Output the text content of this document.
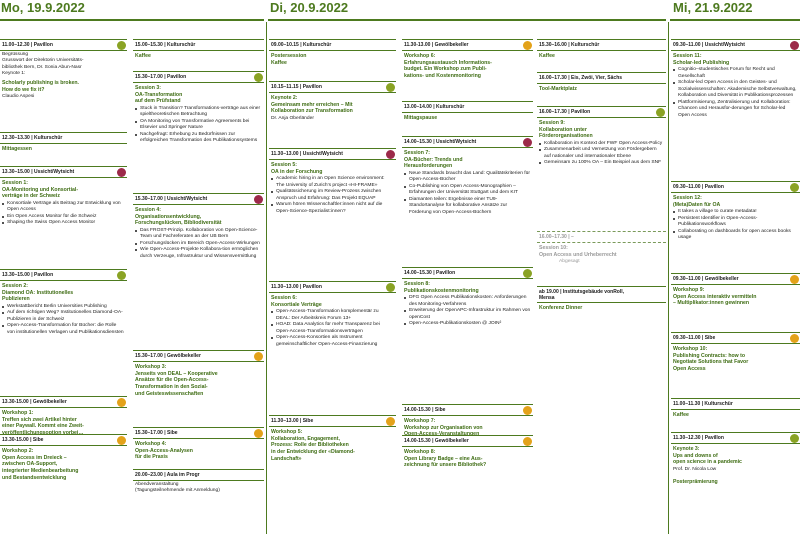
Mo, 19.9.2022	Di, 20.9.2022	Mi, 21.9.2022
11.00–12.30 | Pavillon
Begrüssung
Grusswort der Direktorin Universitäts-
bibliothek Bern, Dr. Sonia Abun-Nasr
Keynote 1:
Scholarly publishing is broken.
How do we fix it?
Claudio Aspesi
12.30–13.30 | Kulturschür
Mittagessen
13.30–15.00 | Ussicht/Wytsicht
Session 1:
OA-Monitoring und Konsortial-
verträge in der Schweiz
Konsortiale Verträge als Beitrag zur Entwicklung von Open Access
Ein Open Access Monitor für die Schweiz
Shaping the Swiss Open Access Monitor
13.30–15.00 | Pavillon
Session 2:
Diamond OA: Institutionelles
Publizieren
Werkstattbericht Berlin Universities Publishing
Auf dem richtigen Weg? Institutionelles Diamond-OA-Publizieren in der Schweiz
Open-Access-Transformation für Bücher: die Rolle von institutionellen Verlagen und Publikationsdiensten
13.30-15.00 | Gewölbekeller
Workshop 1:
Treffen sich zwei Artikel hinter
einer Paywall. Kommt eine Zweit-
veröffentlichungsoption vorbei…
13.30-15.00 | Sibe
Workshop 2:
Open Access im Dreieck –
zwischen OA-Support,
integrierter Medienbearbeitung
und Bestandsentwicklung
15.00–15.30 | Kulturschür
Kaffee
15.30–17.00 | Pavillon
Session 3:
OA-Transformation
auf dem Prüfstand
Stuck in Transition? Transformations-verträge aus einer spieltheoretischen Betrachtung
OA Monitoring von Transformative Agreements bei Elsevier und Springer Nature
Nachgefragt: Erhebung zu Bedürfnissen zur erfolgreichen Transformation des Publikationssystems
15.30–17.00 | Ussicht/Wytsicht
Session 4:
Organisationsentwicklung,
Forschungslücken, Bibliodiversität
Das FROST-Prinzip. Kollaboration von Open-Science-Team und Fachreferaten an der UB Bern
Forschungslücken im Bereich Open-Access-Wirkungen
Wie Open-Access-Projekte Kollabora-tion ermöglichen durch Verzeuge, Infrastruktur und Wissensvermittlung
15.30–17.00 | Gewölbekeller
Workshop 3:
Jenseits von DEAL – Kooperative
Ansätze für die Open-Access-
Transformation in den Sozial-
und Geisteswissenschaften
15.30–17.00 | Sibe
Workshop 4:
Open-Access-Analysen
für die Praxis
20.00–23.00 | Aula im Progr
Abendveranstaltung
(Tagungsteilnehmende mit Anmeldung)
09.00–10.15 | Kulturschür
Postersession
Kaffee
10.15–11.15 | Pavillon
Keynote 2:
Gemeinsam mehr erreichen – Mit
Kollaboration zur Transformation
Dr. Anja Oberländer
11.30–13.00 | Ussicht/Wytsicht
Session 5:
OA in der Forschung
Academic hiring in an Open Science environment: The University of Zurich's project «HI-FRAME»
Qualitätssicherung im Review-Prozess zwischen Anspruch und Erfahrung: Das Projekt EQUAP
Warum hören Wissenschaftler:innen nicht auf die Open-Science-Spezialist:innen?
11.30–13.00 | Pavillon
Session 6:
Konsortiale Verträge
Open-Access-Transformation komplementär zu DEAL: Der Arbeitskreis Forum 13+
HOAD: Data Analytics für mehr Transparenz bei Open-Access-Transformationsverträgen
Open-Access-Konsortien als Instrument gemeinschaftlicher Open-Access-Finanzierung
11.30–13.00 | Sibe
Workshop 5:
Kollaboration, Engagement,
Prozess: Rolle der Bibliotheken
in der Entwicklung der «Diamond-
Landschaft»
11.30-13.00 | Gewölbekeller
Workshop 6:
Erfahrungsaustausch Informations-
budget. Ein Workshop zum Publi-
kations- und Kostenmonitoring
13.00–14.00 | Kulturschür
Mittagspause
14.00–15.30 | Ussicht/Wytsicht
Session 7:
OA-Bücher: Trends und
Herausforderungen
Neue Standards braucht das Land: Qualitätskriterien für Open-Access-Bücher
Co-Publishing von Open Access-Monographien – Erfahrungen der Universität Stuttgart und dem KIT
Diamanten teilen: Ergebnisse einer TU9-Standortanalyse für kollaborative Ansätze zur Förderung von Open-Access-Büchern
14.00–15.30 | Pavillon
Session 8:
Publikationskostenmonitoring
DFG Open Access Publikationskosten: Anforderungen des Monitoring-Verfahrens
Erweiterung der OpenAPC-Infrastruktur im Rahmen von openCost
Open-Access-Publikationskosten @ JOIN²
14.00-15.30 | Sibe
Workshop 7:
Workshop zur Organisation von
Open-Access-Veranstaltungen
14.00-15.30 | Gewölbekeller
Workshop 8:
Open Library Badge – eine Aus-
zeichnung für unsere Bibliothek?
15.30–16.00 | Kulturschür
Kaffee
16.00–17.30 | Eis, Zwöi, Vier, Sächs
Tool-Marktplatz
16.00–17.30 | Pavillon
Session 9:
Kollaboration unter
Förderorganisationen
Kollaboration im Kontext der FWF Open Access-Policy
Zusammenarbeit und Vernetzung von Fördergebern auf nationaler und internationaler Ebene
Gemeinsam zu 100% OA – Ein Beispiel aus dem SNF
16.00–17.30 | –
Session 10:
Open Access und Urheberrecht
Abgesagt
ab 19.00 | Institutsgebäude vonRoll,
Mensa
Konferenz Dinner
09.30–11.00 | Ussicht/Wytsicht
Session 11:
Scholar-led Publishing
Cognitio–studentisches Forum für Recht und Gesellschaft
Scholar-led Open Access in den Geistes- und Sozialwissenschaften: Akademische Selbstverwaltung, Kollaboration und Diversität in Publikationsprozessen
Plattformisierung, Zentralisierung und Kollaboration: Chancen und Herausfor-derungen für Scholar-led Open Access
09.30–11.00 | Pavillon
Session 12:
(Meta)Daten für OA
It takes a village to curate metadata!
Persistent Identifier in Open-Access-Publikationsworkflows
Collaborating on dashboards for open access books usage
09.30–11.00 | Gewölbekeller
Workshop 9:
Open Access interaktiv vermitteln
– Multiplikator:innen gewinnen
09.30–11.00 | Sibe
Workshop 10:
Publishing Contracts: how to
Negotiate Solutions that Favor
Open Access
11.00–11.30 | Kulturschür
Kaffee
11.30–12.30 | Pavillon
Keynote 3:
Ups and downs of
open science in a pandemic
Prof. Dr. Nicola Low
Posterprämierung
